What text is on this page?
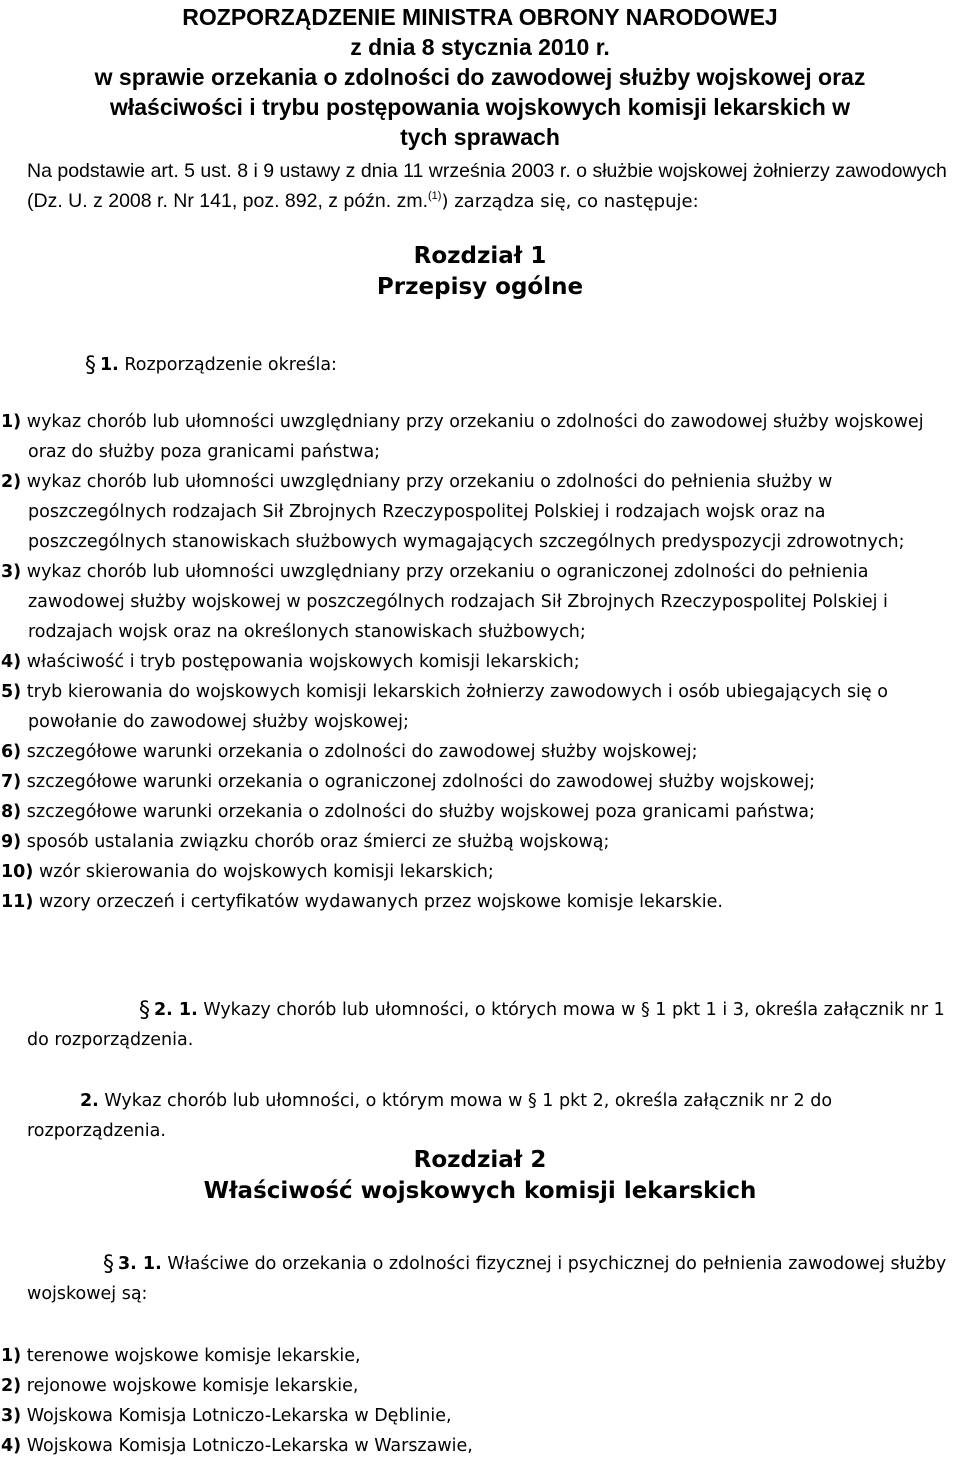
ROZPORZĄDZENIE MINISTRA OBRONY NARODOWEJ

z dnia 8 stycznia 2010 r.

w sprawie orzekania o zdolności do zawodowej służby wojskowej oraz

właściwości i trybu postępowania wojskowych komisji lekarskich w

tych sprawach

Na podstawie art. 5 ust. 8 i 9 ustawy z dnia 11 września 2003 r. o służbie wojskowej żołnierzy zawodowych (Dz. U. z 2008 r. Nr 141, poz. 892, z późn. zm.$^{(1)}$) zarządza się, co następuje:

Rozdział 1
Przepisy ogólne
§ 1. Rozporządzenie określa:
1) wykaz chorób lub ułomności uwzględniany przy orzekaniu o zdolności do zawodowej służby wojskowej oraz do służby poza granicami państwa;
2) wykaz chorób lub ułomności uwzględniany przy orzekaniu o zdolności do pełnienia służby w poszczególnych rodzajach Sił Zbrojnych Rzeczypospolitej Polskiej i rodzajach wojsk oraz na poszczególnych stanowiskach służbowych wymagających szczególnych predyspozycji zdrowotnych;
3) wykaz chorób lub ułomności uwzględniany przy orzekaniu o ograniczonej zdolności do pełnienia zawodowej służby wojskowej w poszczególnych rodzajach Sił Zbrojnych Rzeczypospolitej Polskiej i rodzajach wojsk oraz na określonych stanowiskach służbowych;
4) właściwość i tryb postępowania wojskowych komisji lekarskich;
5) tryb kierowania do wojskowych komisji lekarskich żołnierzy zawodowych i osób ubiegających się o powołanie do zawodowej służby wojskowej;
6) szczegółowe warunki orzekania o zdolności do zawodowej służby wojskowej;
7) szczegółowe warunki orzekania o ograniczonej zdolności do zawodowej służby wojskowej;
8) szczegółowe warunki orzekania o zdolności do służby wojskowej poza granicami państwa;
9) sposób ustalania związku chorób oraz śmierci ze służbą wojskową;
10) wzór skierowania do wojskowych komisji lekarskich;
11) wzory orzeczeń i certyfikatów wydawanych przez wojskowe komisje lekarskie.
§ 2. 1. Wykazy chorób lub ułomności, o których mowa w § 1 pkt 1 i 3, określa załącznik nr 1 do rozporządzenia.
2. Wykaz chorób lub ułomności, o którym mowa w § 1 pkt 2, określa załącznik nr 2 do rozporządzenia.
Rozdział 2
Właściwość wojskowych komisji lekarskich
§ 3. 1. Właściwe do orzekania o zdolności fizycznej i psychicznej do pełnienia zawodowej służby wojskowej są:
1) terenowe wojskowe komisje lekarskie,
2) rejonowe wojskowe komisje lekarskie,
3) Wojskowa Komisja Lotniczo-Lekarska w Dęblinie,
4) Wojskowa Komisja Lotniczo-Lekarska w Warszawie,
